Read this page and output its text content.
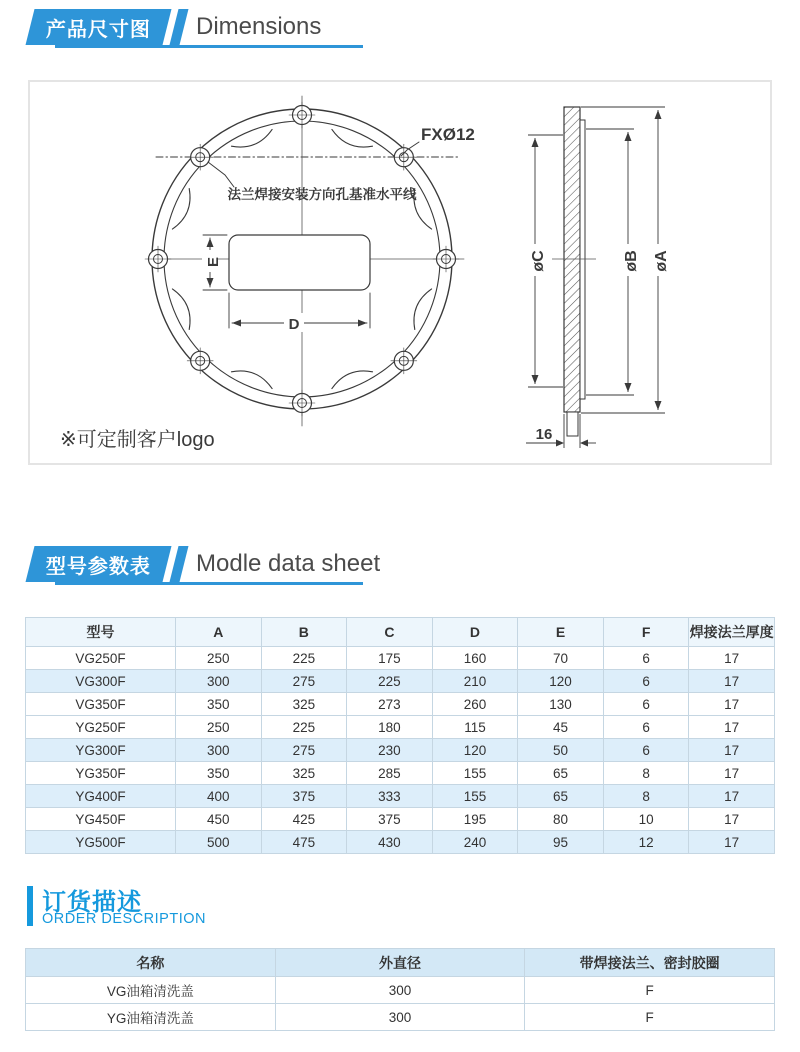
产品尺寸图 Dimensions
E
D
FXØ12
法兰焊接安装方向孔基准水平线
※可定制客户logo
øC	øB øA
16
型号参数表 Modle data sheet
型号	A	B	C	D	E	F	焊接法兰厚度
VG250F	250	225	175	160	70	6	17
VG300F	300	275	225	210	120	6	17
VG350F	350	325	273	260	130	6	17
YG250F	250	225	180	115	45	6	17
YG300F	300	275	230	120	50	6	17
YG350F	350	325	285	155	65	8	17
YG400F	400	375	333	155	65	8	17
YG450F	450	425	375	195	80	10	17
YG500F	500	475	430	240	95	12	17
订货描述
ORDER DESCRIPTION
名称	外直径	带焊接法兰、密封胶圈
VG油箱清洗盖	300	F
YG油箱清洗盖	300	F
